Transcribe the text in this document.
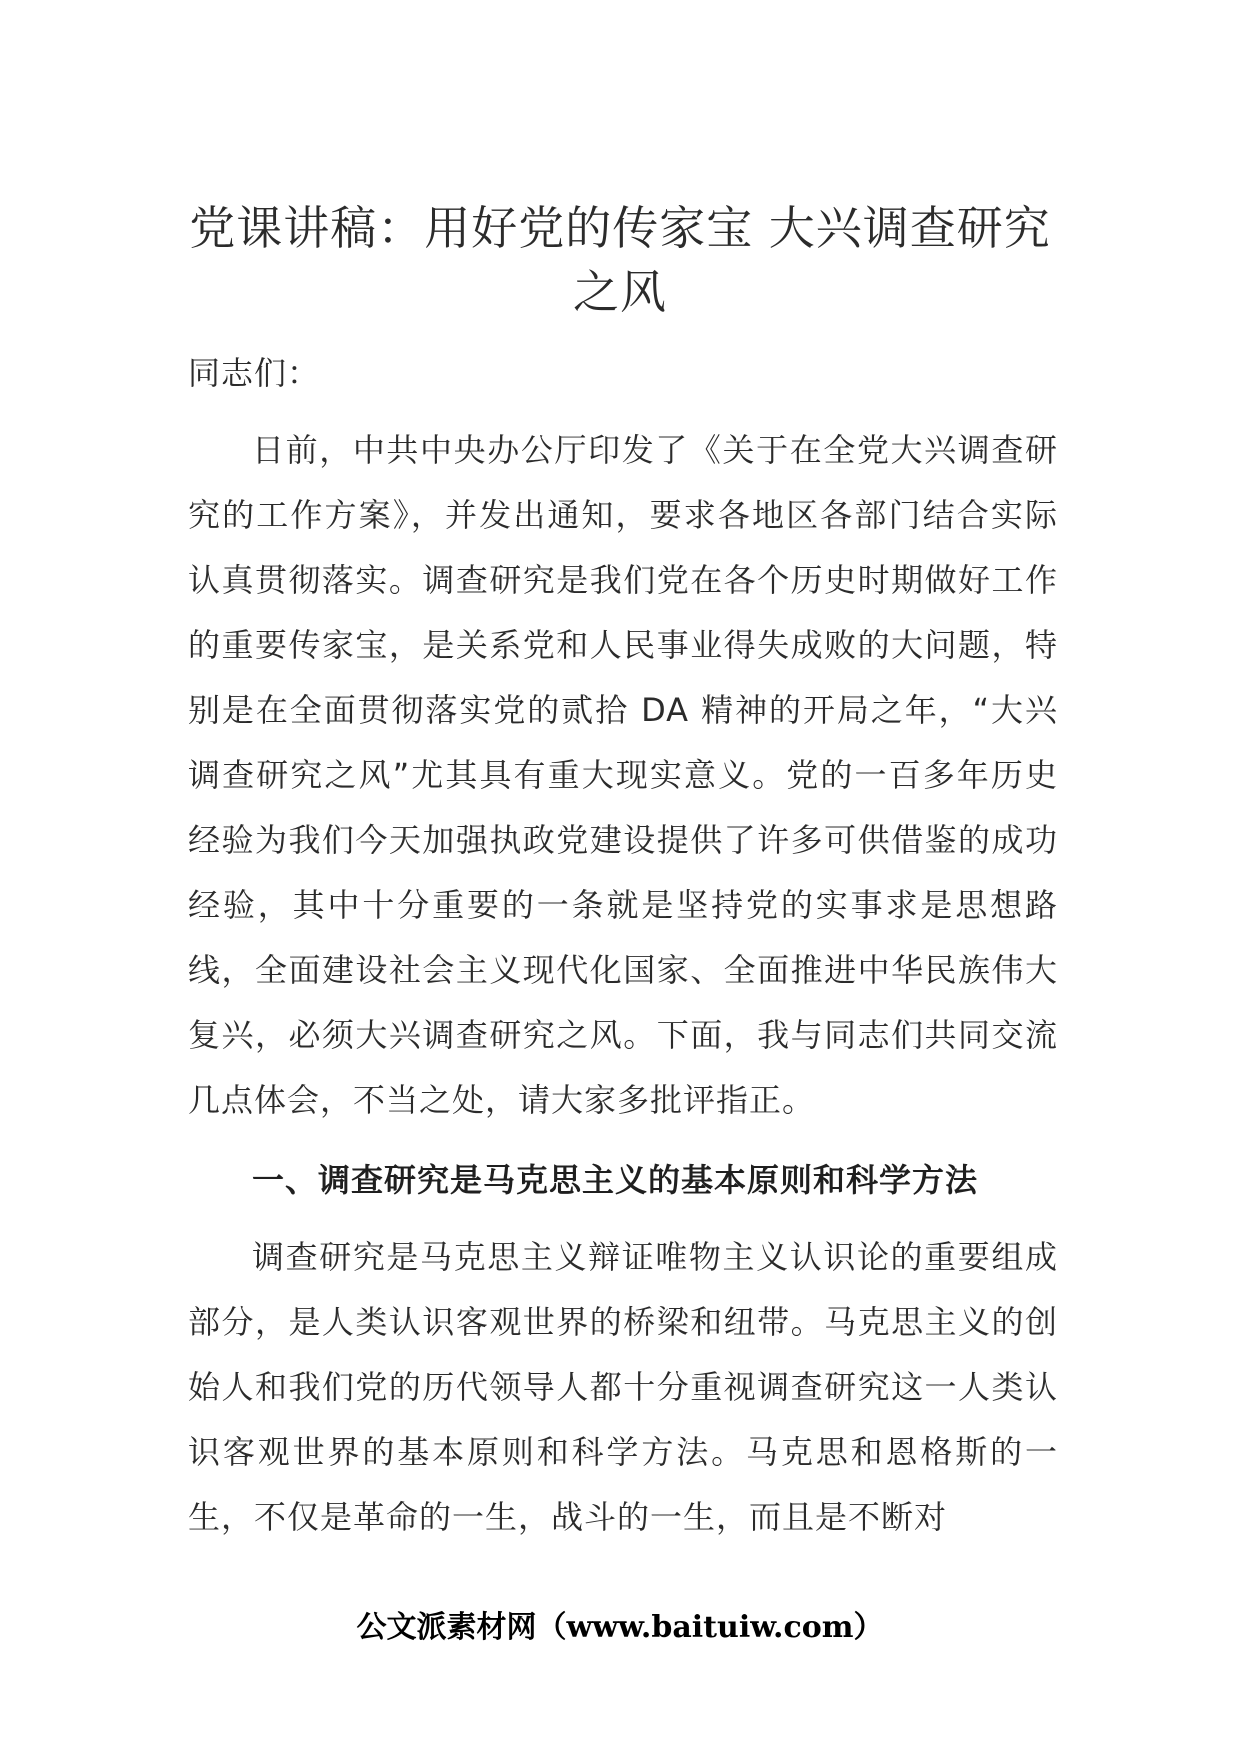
党课讲稿：用好党的传家宝 大兴调查研究之风

同志们：

日前，中共中央办公厅印发了《关于在全党大兴调查研究的工作方案》，并发出通知，要求各地区各部门结合实际认真贯彻落实。调查研究是我们党在各个历史时期做好工作的重要传家宝，是关系党和人民事业得失成败的大问题，特别是在全面贯彻落实党的贰拾 DA 精神的开局之年，“大兴调查研究之风”尤其具有重大现实意义。党的一百多年历史经验为我们今天加强执政党建设提供了许多可供借鉴的成功经验，其中十分重要的一条就是坚持党的实事求是思想路线，全面建设社会主义现代化国家、全面推进中华民族伟大复兴，必须大兴调查研究之风。下面，我与同志们共同交流几点体会，不当之处，请大家多批评指正。

一、调查研究是马克思主义的基本原则和科学方法

调查研究是马克思主义辩证唯物主义认识论的重要组成部分，是人类认识客观世界的桥梁和纽带。马克思主义的创始人和我们党的历代领导人都十分重视调查研究这一人类认识客观世界的基本原则和科学方法。马克思和恩格斯的一生，不仅是革命的一生，战斗的一生，而且是不断对

公文派素材网（www.baituiw.com）
